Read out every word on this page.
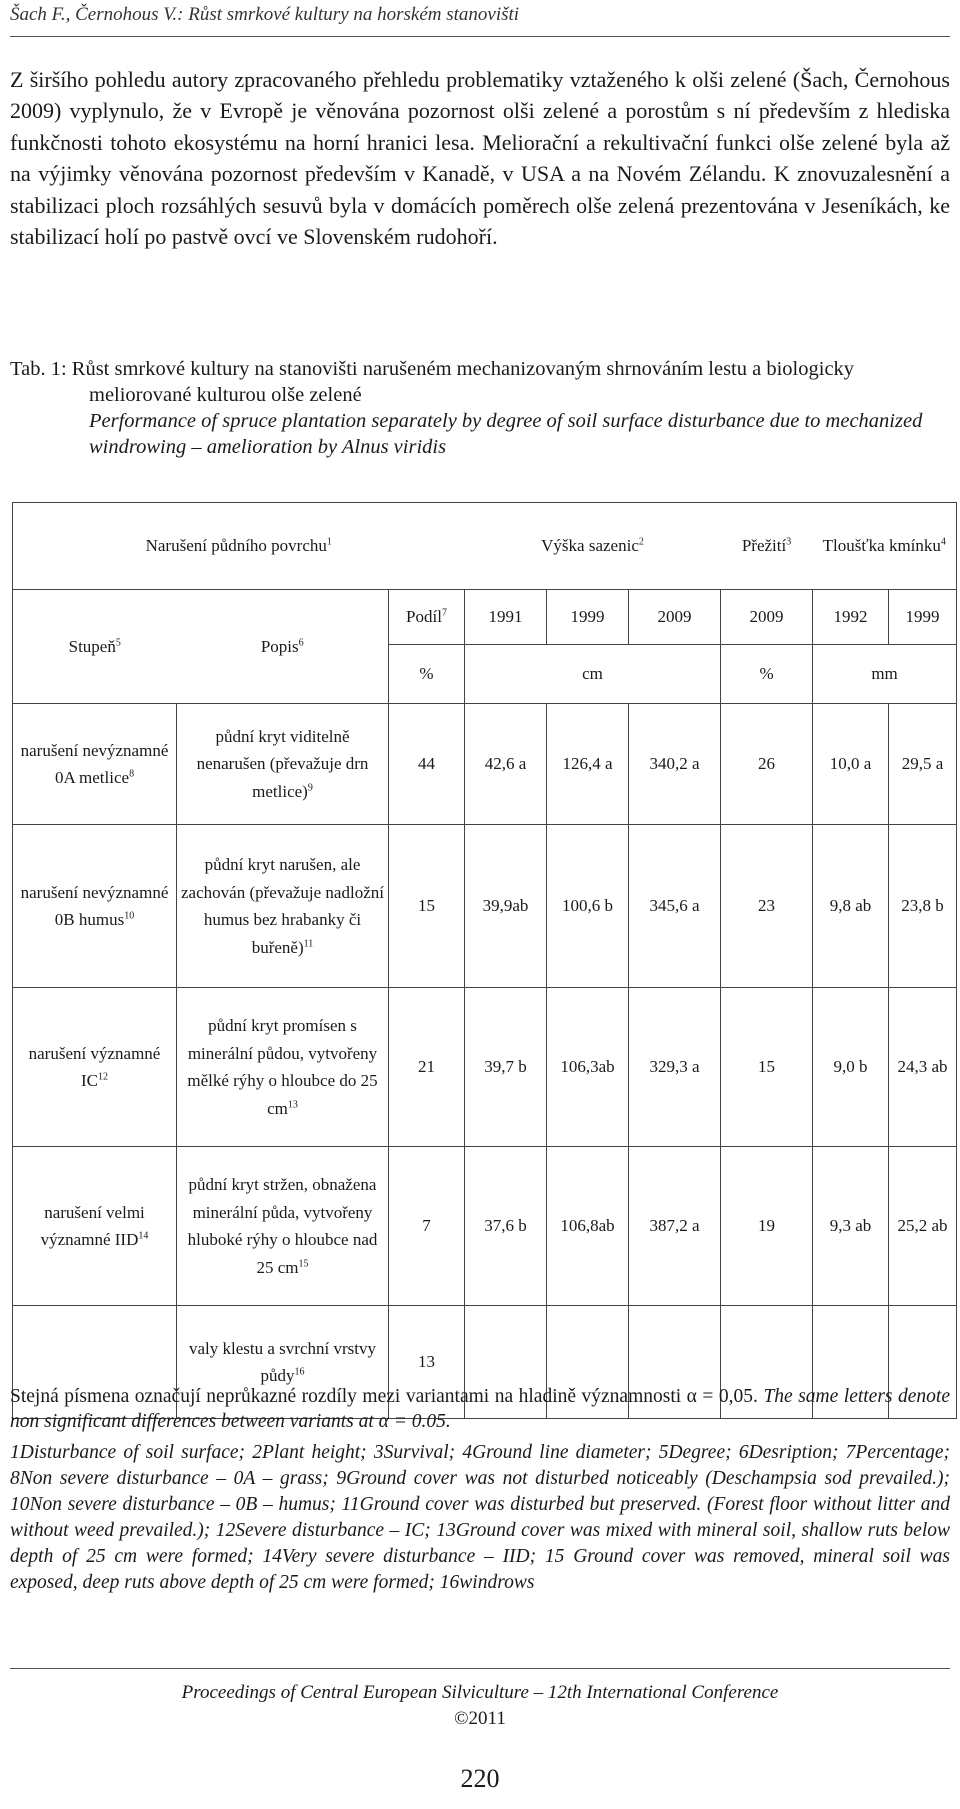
Šach F., Černohous V.: Růst smrkové kultury na horském stanovišti
Z širšího pohledu autory zpracovaného přehledu problematiky vztaženého k olši zelené (Šach, Černohous 2009) vyplynulo, že v Evropě je věnována pozornost olši zelené a porostům s ní především z hlediska funkčnosti tohoto ekosystému na horní hranici lesa. Meliorační a rekultivační funkci olše zelené byla až na výjimky věnována pozornost především v Kanadě, v USA a na Novém Zélandu. K znovuzalesnění a stabilizaci ploch rozsáhlých sesuvů byla v domácích poměrech olše zelená prezentována v Jeseníkách, ke stabilizací holí po pastvě ovcí ve Slovenském rudohoří.
Tab. 1: Růst smrkové kultury na stanovišti narušeném mechanizovaným shrnováním lestu a biologicky meliorované kulturou olše zelené
Performance of spruce plantation separately by degree of soil surface disturbance due to mechanized windrowing – amelioration by Alnus viridis
Narušení půdního povrchu$^1$			Výška sazenic$^2$			Přežití$^3$	Tloušťka kmínku$^4$
Stupeň$^5$	Popis$^6$	Podíl$^7$	1991	1999	2009	2009	1992	1999
		%	cm			%	mm	
narušení nevýznamné 0A metlice$^8$	půdní kryt viditelně nenarušen (převažuje drn metlice)$^9$	44	42,6 a	126,4 a	340,2 a	26	10,0 a	29,5 a
narušení nevýznamné 0B humus$^{10}$	půdní kryt narušen, ale zachován (převažuje nadložní humus bez hrabanky či buřeně)$^{11}$	15	39,9ab	100,6 b	345,6 a	23	9,8 ab	23,8 b
narušení významné IC$^{12}$	půdní kryt promísen s minerální půdou, vytvořeny mělké rýhy o hloubce do 25 $cm^{13}$	21	39,7 b	106,3ab	329,3 a	15	9,0 b	24,3 ab
narušení velmi významné IID$^{14}$	půdní kryt stržen, obnažena minerální půda, vytvořeny hluboké rýhy o hloubce nad 25 $cm^{15}$	7	37,6 b	106,8ab	387,2 a	19	9,3 ab	25,2 ab
	valy klestu a svrchní vrstvy půdy$^{16}$	13						
Stejná písmena označují neprůkazné rozdíly mezi variantami na hladině významnosti α = 0,05. The same letters denote non significant differences between variants at α = 0.05.
1Disturbance of soil surface; 2Plant height; 3Survival; 4Ground line diameter; 5Degree; 6Desription; 7Percentage; 8Non severe disturbance – 0A – grass; 9Ground cover was not disturbed noticeably (Deschampsia sod prevailed.); 10Non severe disturbance – 0B – humus; 11Ground cover was disturbed but preserved. (Forest floor without litter and without weed prevailed.); 12Severe disturbance – IC; 13Ground cover was mixed with mineral soil, shallow ruts below depth of 25 cm were formed; 14Very severe disturbance – IID; 15 Ground cover was removed, mineral soil was exposed, deep ruts above depth of 25 cm were formed; 16windrows
Proceedings of Central European Silviculture – 12th International Conference
©2011
220
